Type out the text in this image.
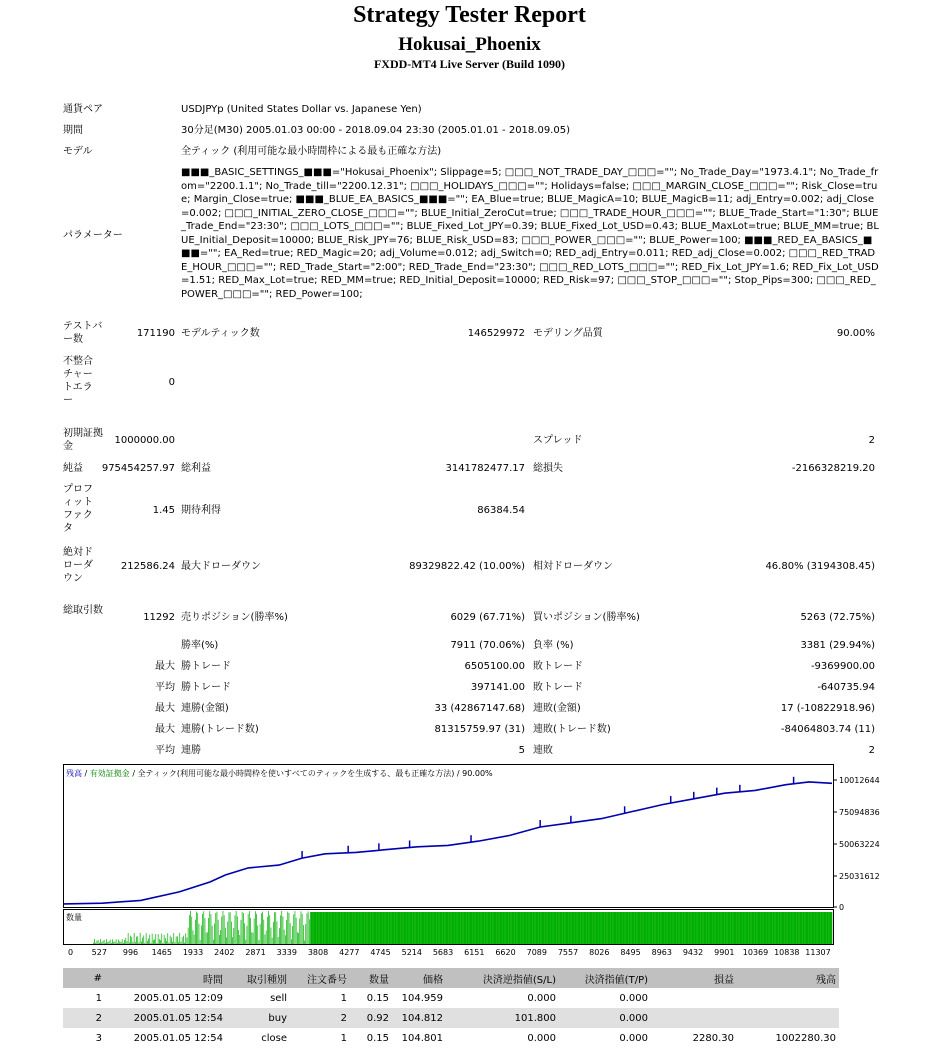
Strategy Tester Report
Hokusai_Phoenix
FXDD-MT4 Live Server (Build 1090)
通貨ペア	USDJPYp (United States Dollar vs. Japanese Yen)
期間	30分足(M30) 2005.01.03 00:00 - 2018.09.04 23:30 (2005.01.01 - 2018.09.05)
モデル	全ティック (利用可能な最小時間枠による最も正確な方法)
パラメーター
■■■_BASIC_SETTINGS_■■■="Hokusai_Phoenix"; Slippage=5; □□□_NOT_TRADE_DAY_□□□=""; No_Trade_Day="1973.4.1"; No_Trade_from="2200.1.1"; No_Trade_till="2200.12.31"; □□□_HOLIDAYS_□□□=""; Holidays=false; □□□_MARGIN_CLOSE_□□□=""; Risk_Close=true; Margin_Close=true; ■■■_BLUE_EA_BASICS_■■■=""; EA_Blue=true; BLUE_MagicA=10; BLUE_MagicB=11; adj_Entry=0.002; adj_Close=0.002; □□□_INITIAL_ZERO_CLOSE_□□□=""; BLUE_Initial_ZeroCut=true; □□□_TRADE_HOUR_□□□=""; BLUE_Trade_Start="1:30"; BLUE_Trade_End="23:30"; □□□_LOTS_□□□=""; BLUE_Fixed_Lot_JPY=0.39; BLUE_Fixed_Lot_USD=0.43; BLUE_MaxLot=true; BLUE_MM=true; BLUE_Initial_Deposit=10000; BLUE_Risk_JPY=76; BLUE_Risk_USD=83; □□□_POWER_□□□=""; BLUE_Power=100; ■■■_RED_EA_BASICS_■■■=""; EA_Red=true; RED_Magic=20; adj_Volume=0.012; adj_Switch=0; RED_adj_Entry=0.011; RED_adj_Close=0.002; □□□_RED_TRADE_HOUR_□□□=""; RED_Trade_Start="2:00"; RED_Trade_End="23:30"; □□□_RED_LOTS_□□□=""; RED_Fix_Lot_JPY=1.6; RED_Fix_Lot_USD=1.51; RED_Max_Lot=true; RED_MM=true; RED_Initial_Deposit=10000; RED_Risk=97; □□□_STOP_□□□=""; Stop_Pips=300; □□□_RED_POWER_□□□=""; RED_Power=100;
テストバー数
171190 モデルティック数	146529972 モデリング品質	90.00%
不整合チャートエラー
0
初期証拠金
1000000.00	スプレッド	2
純益	975454257.97 総利益	3141782477.17 総損失	-2166328219.20
プロフィットファクタ
1.45 期待利得	86384.54
絶対ドローダウン
212586.24 最大ドローダウン	89329822.42 (10.00%) 相対ドローダウン	46.80% (3194308.45)
総取引数
11292 売りポジション(勝率%)	6029 (67.71%) 買いポジション(勝率%)	5263 (72.75%)
勝率(%)	7911 (70.06%) 負率 (%)	3381 (29.94%)
最大 勝トレード	6505100.00 敗トレード	-9369900.00
平均 勝トレード	397141.00 敗トレード	-640735.94
最大 連勝(金額)	33 (42867147.68) 連敗(金額)	17 (-10822918.96)
最大 連勝(トレード数)	81315759.97 (31) 連敗(トレード数)	-84064803.74 (11)
平均 連勝	5 連敗	2
残高 / 有効証拠金 / 全ティック(利用可能な最小時間枠を使いすべてのティックを生成する、最も正確な方法) / 90.00%
数量
10012644
75094836
50063224
25031612
0
0 527 996 1465 1933 2402 2871 3339 3808 4277 4745 5214 5683 6151 6620 7089 7557 8026 8495 8963 9432 9901 10369 10838 11307
#	時間	取引種別	注文番号	数量	価格	決済逆指値(S/L)	決済指値(T/P)	損益	残高
1	2005.01.05 12:09	sell	1	0.15	104.959	0.000	0.000		
2	2005.01.05 12:54	buy	2	0.92	104.812	101.800	0.000		
3	2005.01.05 12:54	close	1	0.15	104.801	0.000	0.000	2280.30	1002280.30
